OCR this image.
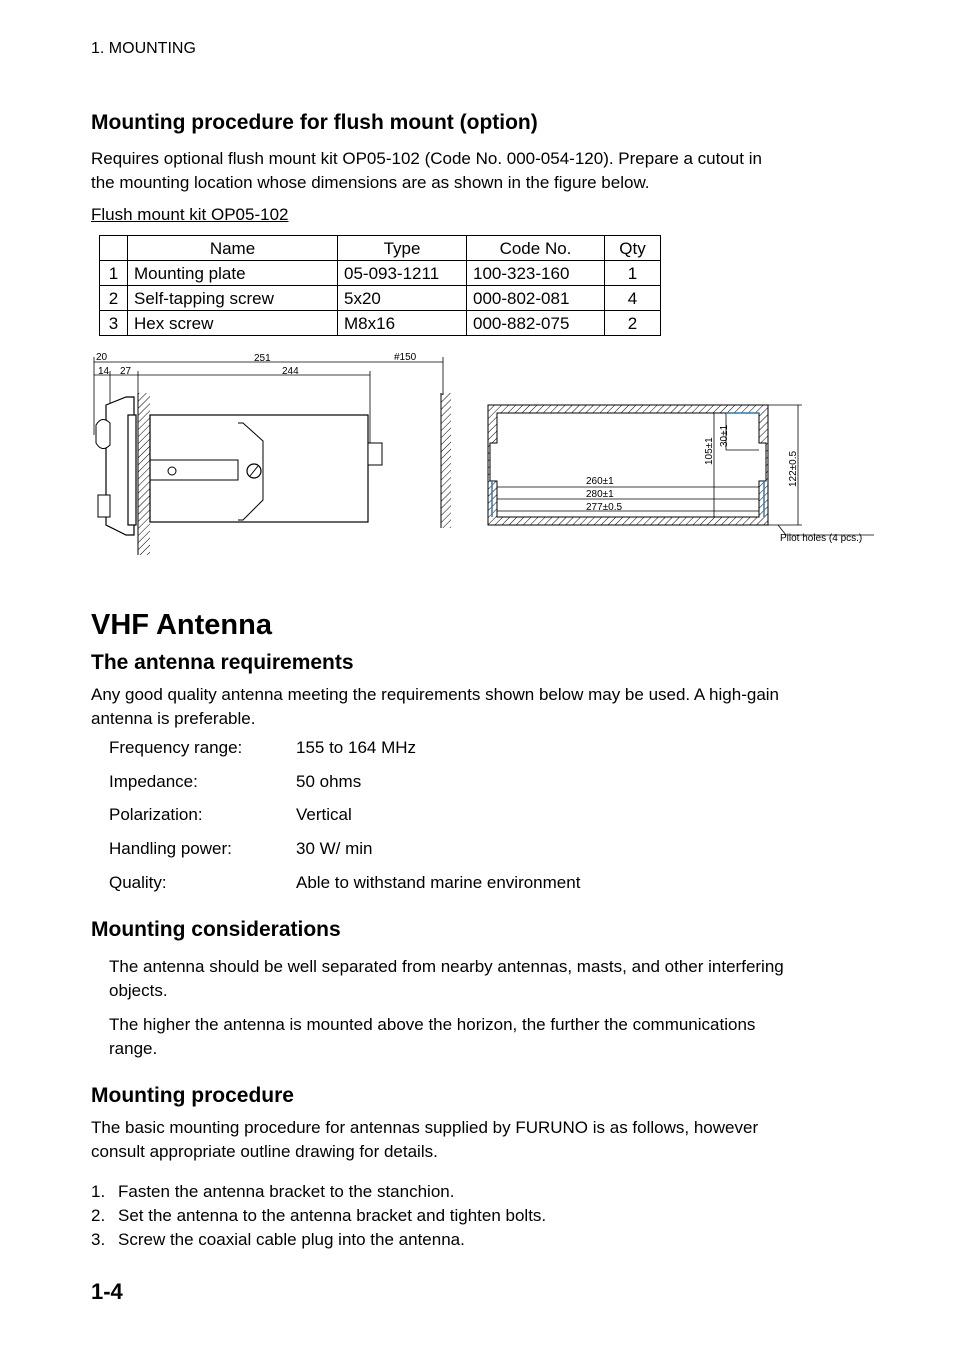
1. MOUNTING
Mounting procedure for flush mount (option)
Requires optional flush mount kit OP05-102 (Code No. 000-054-120). Prepare a cutout in
the mounting location whose dimensions are as shown in the figure below.
Flush mount kit OP05-102
	Name	Type	Code No.	Qty
1	Mounting plate	05-093-1211	100-323-160	1
2	Self-tapping screw	5x20	000-802-081	4
3	Hex screw	M8x16	000-882-075	2
20	251	#150
14 27	244
260±1
280±1
277±0.5
105±1
30±1
122±0.5
Pilot holes (4 pcs.)
VHF Antenna
The antenna requirements
Any good quality antenna meeting the requirements shown below may be used. A high-gain
antenna is preferable.
Frequency range:	155 to 164 MHz
Impedance:	50 ohms
Polarization:	Vertical
Handling power:	30 W/ min
Quality:	Able to withstand marine environment
Mounting considerations
The antenna should be well separated from nearby antennas, masts, and other interfering
objects.
The higher the antenna is mounted above the horizon, the further the communications
range.
Mounting procedure
The basic mounting procedure for antennas supplied by FURUNO is as follows, however
consult appropriate outline drawing for details.
1. Fasten the antenna bracket to the stanchion.
2. Set the antenna to the antenna bracket and tighten bolts.
3. Screw the coaxial cable plug into the antenna.
1-4
